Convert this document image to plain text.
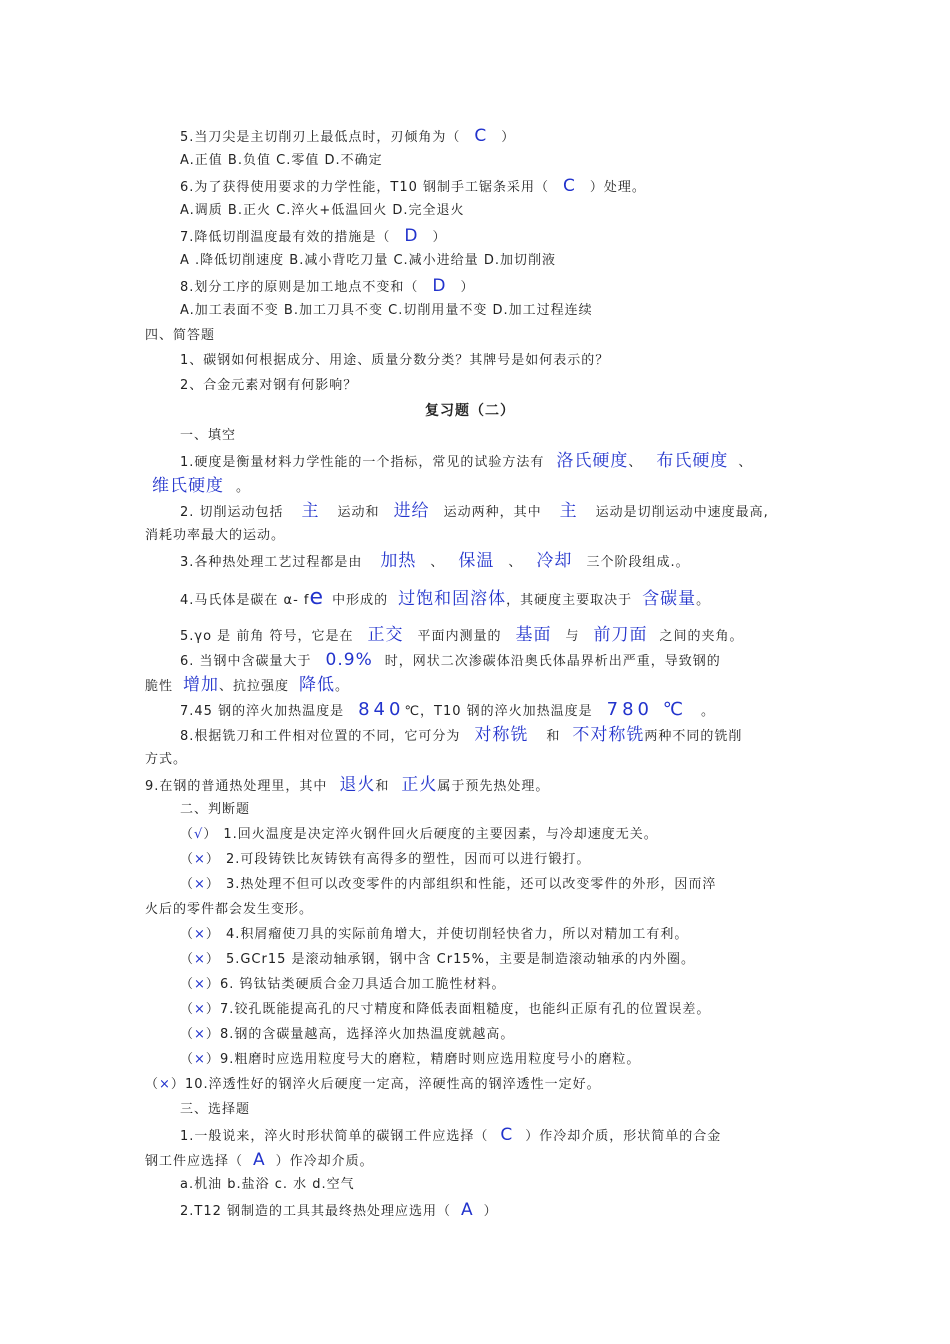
5.当刀尖是主切削刃上最低点时，刃倾角为（ C ）
A.正值 B.负值 C.零值 D.不确定
6.为了获得使用要求的力学性能，T10 钢制手工锯条采用（ C ）处理。
A.调质 B.正火 C.淬火+低温回火 D.完全退火
7.降低切削温度最有效的措施是（ D ）
A .降低切削速度 B.减小背吃刀量 C.减小进给量 D.加切削液
8.划分工序的原则是加工地点不变和（ D ）
A.加工表面不变 B.加工刀具不变 C.切削用量不变 D.加工过程连续
四、简答题
1、碳钢如何根据成分、用途、质量分数分类？其牌号是如何表示的？
2、合金元素对钢有何影响？
复习题（二）
一、填空
1.硬度是衡量材料力学性能的一个指标，常见的试验方法有 洛氏硬度、 布氏硬度 、
维氏硬度 。
2. 切削运动包括 主 运动和 进给 运动两种，其中 主 运动是切削运动中速度最高,
消耗功率最大的运动。
3.各种热处理工艺过程都是由 加热 、 保温 、 冷却 三个阶段组成.。
4.马氏体是碳在 α- fe 中形成的 过饱和固溶体，其硬度主要取决于 含碳量。
5.γo 是 前角 符号，它是在 正交 平面内测量的 基面 与 前刀面 之间的夹角。
6. 当钢中含碳量大于 0.9% 时，网状二次渗碳体沿奥氏体晶界析出严重，导致钢的
脆性 增加、抗拉强度 降低。
7.45 钢的淬火加热温度是 840℃，T10 钢的淬火加热温度是 780 ℃ 。
8.根据铣刀和工件相对位置的不同，它可分为 对称铣 和 不对称铣两种不同的铣削
方式。
9.在钢的普通热处理里，其中 退火和 正火属于预先热处理。
二、判断题
（√） 1.回火温度是决定淬火钢件回火后硬度的主要因素，与冷却速度无关。
（×） 2.可段铸铁比灰铸铁有高得多的塑性，因而可以进行锻打。
（×） 3.热处理不但可以改变零件的内部组织和性能，还可以改变零件的外形，因而淬
火后的零件都会发生变形。
（×） 4.积屑瘤使刀具的实际前角增大，并使切削轻快省力，所以对精加工有利。
（×） 5.GCr15 是滚动轴承钢，钢中含 Cr15%，主要是制造滚动轴承的内外圈。
（×）6. 钨钛钴类硬质合金刀具适合加工脆性材料。
（×）7.铰孔既能提高孔的尺寸精度和降低表面粗糙度，也能纠正原有孔的位置误差。
（×）8.钢的含碳量越高，选择淬火加热温度就越高。
（×）9.粗磨时应选用粒度号大的磨粒，精磨时则应选用粒度号小的磨粒。
（×）10.淬透性好的钢淬火后硬度一定高，淬硬性高的钢淬透性一定好。
三、选择题
1.一般说来，淬火时形状简单的碳钢工件应选择（ C ）作冷却介质，形状简单的合金
钢工件应选择（ A ）作冷却介质。
a.机油 b.盐浴 c. 水 d.空气
2.T12 钢制造的工具其最终热处理应选用（ A ）
